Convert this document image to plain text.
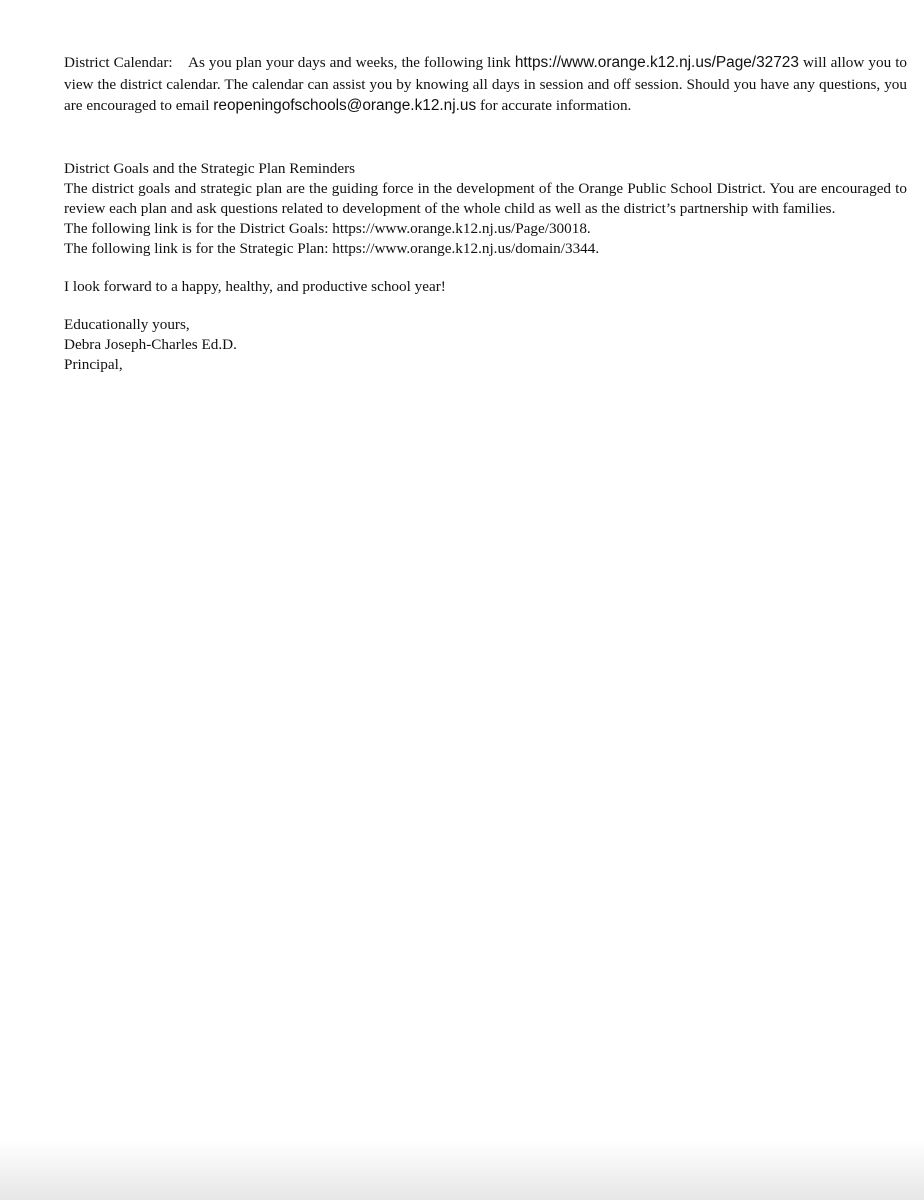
District Calendar: As you plan your days and weeks, the following link https://www.orange.k12.nj.us/Page/32723 will allow you to view the district calendar. The calendar can assist you by knowing all days in session and off session. Should you have any questions, you are encouraged to email reopeningofschools@orange.k12.nj.us for accurate information.

District Goals and the Strategic Plan Reminders

The district goals and strategic plan are the guiding force in the development of the Orange Public School District. You are encouraged to review each plan and ask questions related to development of the whole child as well as the district’s partnership with families.

The following link is for the District Goals: https://www.orange.k12.nj.us/Page/30018.
The following link is for the Strategic Plan: https://www.orange.k12.nj.us/domain/3344.
I look forward to a happy, healthy, and productive school year!
Educationally yours,
Debra Joseph-Charles Ed.D.
Principal,
